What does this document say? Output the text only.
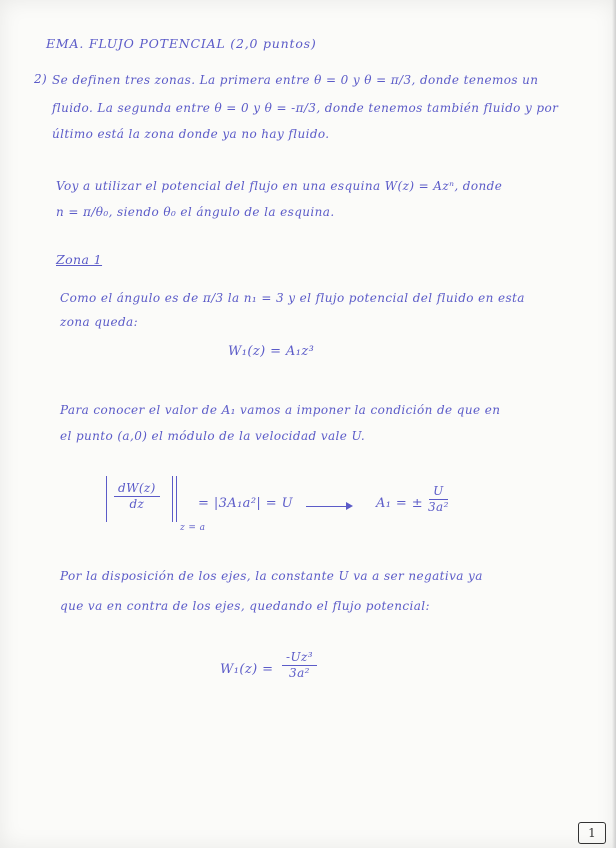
EMA. FLUJO POTENCIAL (2,0 puntos)
2) Se definen tres zonas. La primera entre θ = 0 y θ = π/3, donde tenemos un
fluido. La segunda entre θ = 0 y θ = -π/3, donde tenemos también fluido y por
último está la zona donde ya no hay fluido.
Voy a utilizar el potencial del flujo en una esquina W(z) = Azⁿ, donde
n = π/θ₀, siendo θ₀ el ángulo de la esquina.
Zona 1
Como el ángulo es de π/3 la n₁ = 3 y el flujo potencial del fluido en esta
zona queda:
W₁(z) = A₁z³
Para conocer el valor de A₁ vamos a imponer la condición de que en
el punto (a,0) el módulo de la velocidad vale U.
$\frac{dW(z)}{dz}$
z = a
= |3A₁a²| = U	A₁ = ± $\frac{U}{\text{3a²}}$
Por la disposición de los ejes, la constante U va a ser negativa ya
que va en contra de los ejes, quedando el flujo potencial:
$W_1(z) = \frac{\text{-Uz³}}{\text{3a²}}$
1
